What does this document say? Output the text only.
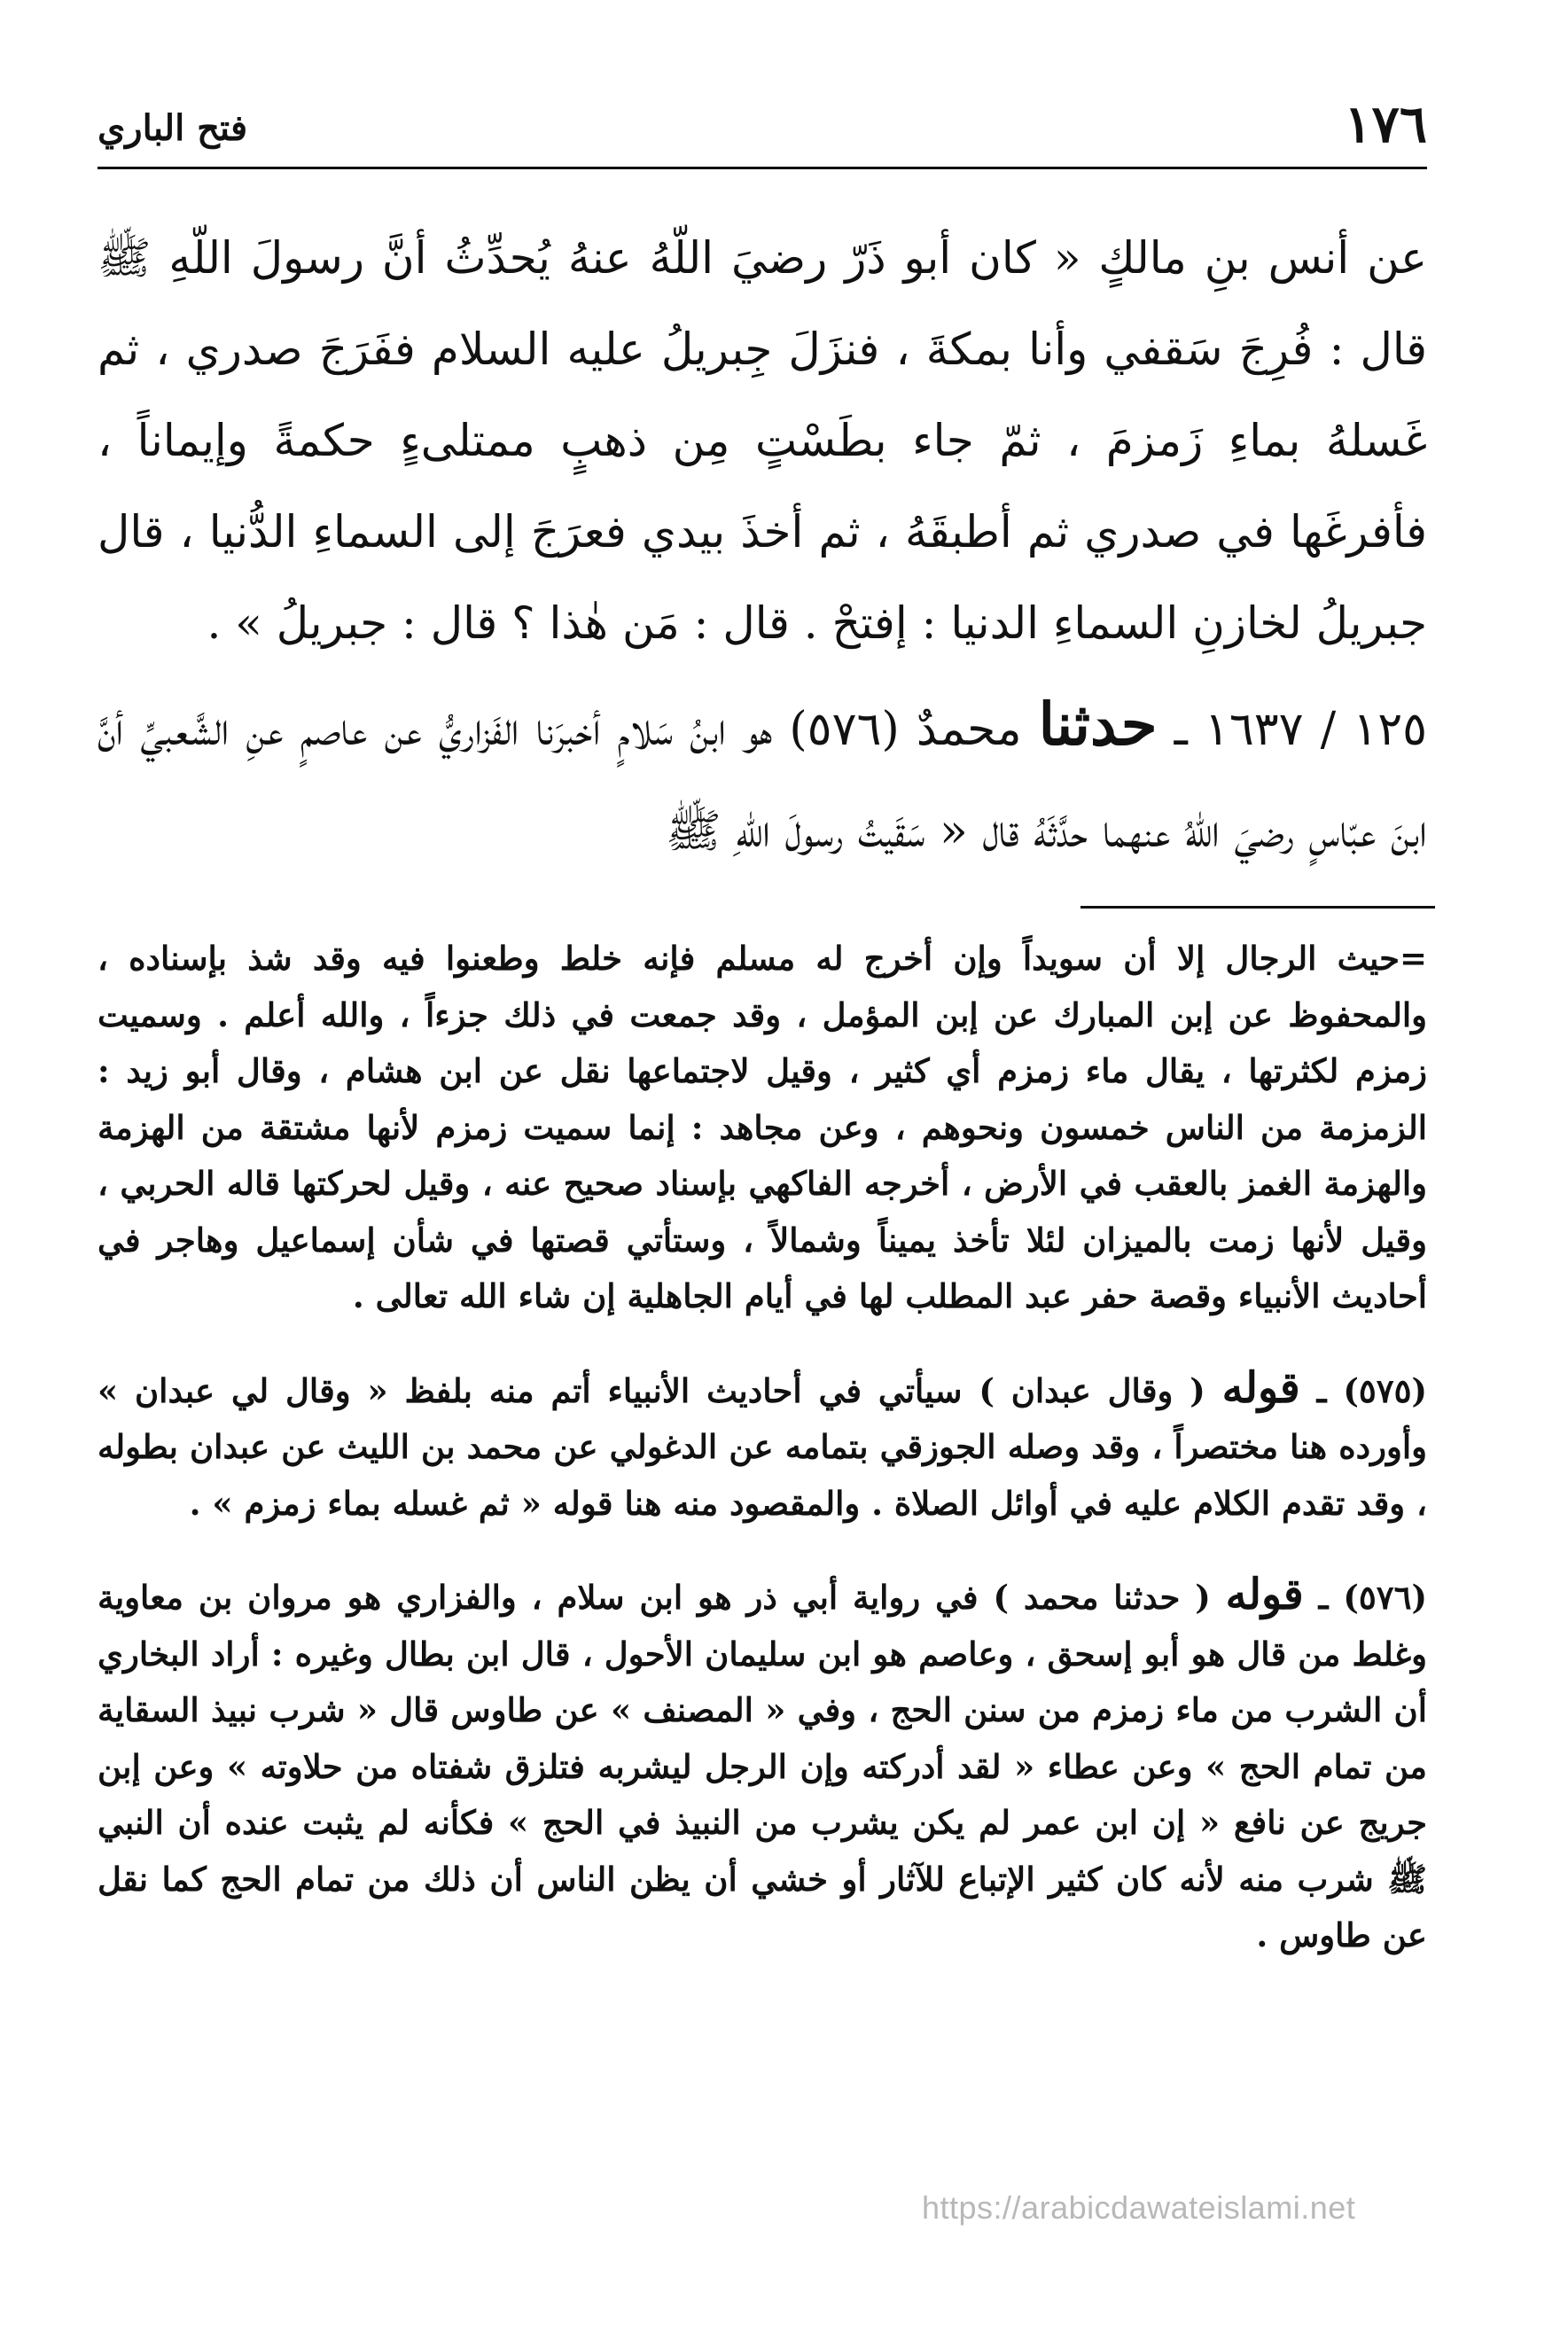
١٧٦
فتح الباري
عن أنس بنِ مالكٍ « كان أبو ذَرّ رضيَ اللّهُ عنهُ يُحدِّثُ أنَّ رسولَ اللّهِ ﷺ قال : فُرِجَ سَقفي وأنا بمكةَ ، فنزَلَ جِبريلُ عليه السلام ففَرَجَ صدري ، ثم غَسلهُ بماءِ زَمزمَ ، ثمّ جاء بطَسْتٍ مِن ذهبٍ ممتلىءٍ حكمةً وإيماناً ، فأفرغَها في صدري ثم أطبقَهُ ، ثم أخذَ بيدي فعرَجَ إلى السماءِ الدُّنيا ، قال جبريلُ لخازنِ السماءِ الدنيا : إفتحْ . قال : مَن هٰذا ؟ قال : جبريلُ » .
١٢٥ / ١٦٣٧ ـ حدثنا محمدٌ (٥٧٦) هو ابنُ سَلامٍ أخبرَنا الفَزاريُّ عن عاصمٍ عنِ الشَّعبيِّ أنَّ ابنَ عبّاسٍ رضيَ اللّهُ عنهما حدَّثَهُ قال « سَقَيتُ رسولَ اللّهِ ﷺ

=حيث الرجال إلا أن سويداً وإن أخرج له مسلم فإنه خلط وطعنوا فيه وقد شذ بإسناده ، والمحفوظ عن إبن المبارك عن إبن المؤمل ، وقد جمعت في ذلك جزءاً ، والله أعلم . وسميت زمزم لكثرتها ، يقال ماء زمزم أي كثير ، وقيل لاجتماعها نقل عن ابن هشام ، وقال أبو زيد : الزمزمة من الناس خمسون ونحوهم ، وعن مجاهد : إنما سميت زمزم لأنها مشتقة من الهزمة والهزمة الغمز بالعقب في الأرض ، أخرجه الفاكهي بإسناد صحيح عنه ، وقيل لحركتها قاله الحربي ، وقيل لأنها زمت بالميزان لئلا تأخذ يميناً وشمالاً ، وستأتي قصتها في شأن إسماعيل وهاجر في أحاديث الأنبياء وقصة حفر عبد المطلب لها في أيام الجاهلية إن شاء الله تعالى .

(٥٧٥) ـ قوله ( وقال عبدان ) سيأتي في أحاديث الأنبياء أتم منه بلفظ « وقال لي عبدان » وأورده هنا مختصراً ، وقد وصله الجوزقي بتمامه عن الدغولي عن محمد بن الليث عن عبدان بطوله ، وقد تقدم الكلام عليه في أوائل الصلاة . والمقصود منه هنا قوله « ثم غسله بماء زمزم » .

(٥٧٦) ـ قوله ( حدثنا محمد ) في رواية أبي ذر هو ابن سلام ، والفزاري هو مروان بن معاوية وغلط من قال هو أبو إسحق ، وعاصم هو ابن سليمان الأحول ، قال ابن بطال وغيره : أراد البخاري أن الشرب من ماء زمزم من سنن الحج ، وفي « المصنف » عن طاوس قال « شرب نبيذ السقاية من تمام الحج » وعن عطاء « لقد أدركته وإن الرجل ليشربه فتلزق شفتاه من حلاوته » وعن إبن جريج عن نافع « إن ابن عمر لم يكن يشرب من النبيذ في الحج » فكأنه لم يثبت عنده أن النبي ﷺ شرب منه لأنه كان كثير الإتباع للآثار أو خشي أن يظن الناس أن ذلك من تمام الحج كما نقل عن طاوس .

https://arabicdawateislami.net
